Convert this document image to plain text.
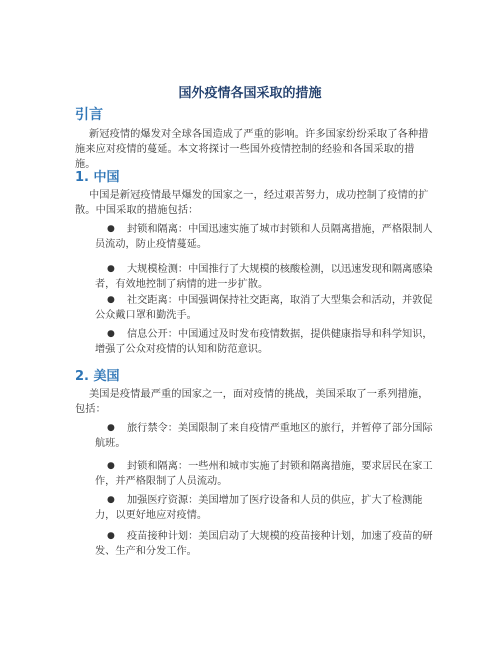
国外疫情各国采取的措施
引言

新冠疫情的爆发对全球各国造成了严重的影响。许多国家纷纷采取了各种措施来应对疫情的蔓延。本文将探讨一些国外疫情控制的经验和各国采取的措施。

1. 中国

中国是新冠疫情最早爆发的国家之一，经过艰苦努力，成功控制了疫情的扩散。中国采取的措施包括：

● 封锁和隔离：中国迅速实施了城市封锁和人员隔离措施，严格限制人员流动，防止疫情蔓延。
● 大规模检测：中国推行了大规模的核酸检测，以迅速发现和隔离感染者，有效地控制了病情的进一步扩散。
● 社交距离：中国强调保持社交距离，取消了大型集会和活动，并敦促公众戴口罩和勤洗手。
● 信息公开：中国通过及时发布疫情数据，提供健康指导和科学知识，增强了公众对疫情的认知和防范意识。
2. 美国

美国是疫情最严重的国家之一，面对疫情的挑战，美国采取了一系列措施，包括：

● 旅行禁令：美国限制了来自疫情严重地区的旅行，并暂停了部分国际航班。
● 封锁和隔离：一些州和城市实施了封锁和隔离措施，要求居民在家工作，并严格限制了人员流动。
● 加强医疗资源：美国增加了医疗设备和人员的供应，扩大了检测能力，以更好地应对疫情。
● 疫苗接种计划：美国启动了大规模的疫苗接种计划，加速了疫苗的研发、生产和分发工作。
